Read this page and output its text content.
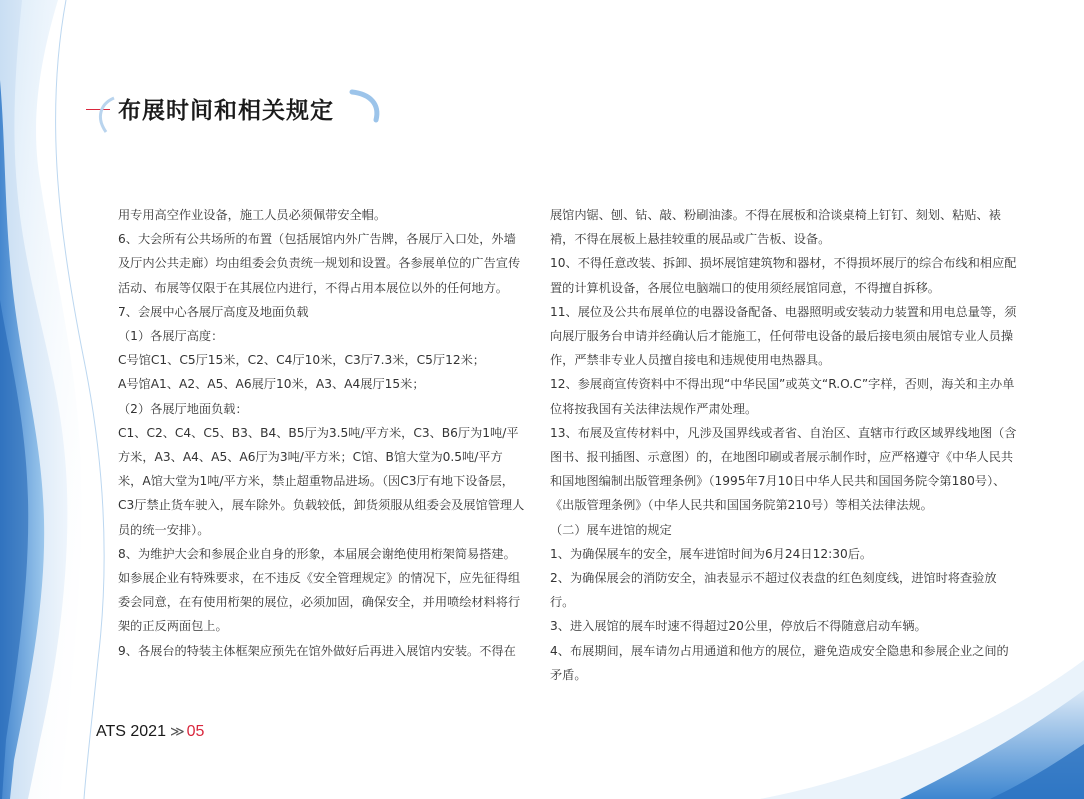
布展时间和相关规定

用专用高空作业设备，施工人员必须佩带安全帽。

6、大会所有公共场所的布置（包括展馆内外广告牌，各展厅入口处，外墙及厅内公共走廊）均由组委会负责统一规划和设置。各参展单位的广告宣传活动、布展等仅限于在其展位内进行，不得占用本展位以外的任何地方。

7、会展中心各展厅高度及地面负载

（1）各展厅高度：

C号馆C1、C5厅15米，C2、C4厅10米，C3厅7.3米，C5厅12米；

A号馆A1、A2、A5、A6展厅10米，A3、A4展厅15米；

（2）各展厅地面负载：

C1、C2、C4、C5、B3、B4、B5厅为3.5吨/平方米，C3、B6厅为1吨/平方米，A3、A4、A5、A6厅为3吨/平方米；C馆、B馆大堂为0.5吨/平方米，A馆大堂为1吨/平方米，禁止超重物品进场。（因C3厅有地下设备层，C3厅禁止货车驶入，展车除外。负载较低，卸货须服从组委会及展馆管理人员的统一安排）。

8、为维护大会和参展企业自身的形象，本届展会谢绝使用桁架简易搭建。如参展企业有特殊要求，在不违反《安全管理规定》的情况下，应先征得组委会同意，在有使用桁架的展位，必须加固，确保安全，并用喷绘材料将行架的正反两面包上。

9、各展台的特装主体框架应预先在馆外做好后再进入展馆内安装。不得在

展馆内锯、刨、钻、敲、粉刷油漆。不得在展板和洽谈桌椅上钉钉、刻划、粘贴、裱褙，不得在展板上悬挂较重的展品或广告板、设备。

10、不得任意改装、拆卸、损坏展馆建筑物和器材，不得损坏展厅的综合布线和相应配置的计算机设备，各展位电脑端口的使用须经展馆同意，不得擅自拆移。

11、展位及公共布展单位的电器设备配备、电器照明或安装动力装置和用电总量等，须向展厅服务台申请并经确认后才能施工，任何带电设备的最后接电须由展馆专业人员操作，严禁非专业人员擅自接电和违规使用电热器具。

12、参展商宣传资料中不得出现“中华民国”或英文“R.O.C”字样，否则，海关和主办单位将按我国有关法律法规作严肃处理。

13、布展及宣传材料中，凡涉及国界线或者省、自治区、直辖市行政区域界线地图（含图书、报刊插图、示意图）的，在地图印刷或者展示制作时，应严格遵守《中华人民共和国地图编制出版管理条例》（1995年7月10日中华人民共和国国务院令第180号）、《出版管理条例》（中华人民共和国国务院第210号）等相关法律法规。

（二）展车进馆的规定

1、为确保展车的安全，展车进馆时间为6月24日12:30后。

2、为确保展会的消防安全，油表显示不超过仪表盘的红色刻度线，进馆时将查验放行。

3、进入展馆的展车时速不得超过20公里，停放后不得随意启动车辆。

4、布展期间，展车请勿占用通道和他方的展位，避免造成安全隐患和参展企业之间的矛盾。

ATS 2021 ≫ 05
